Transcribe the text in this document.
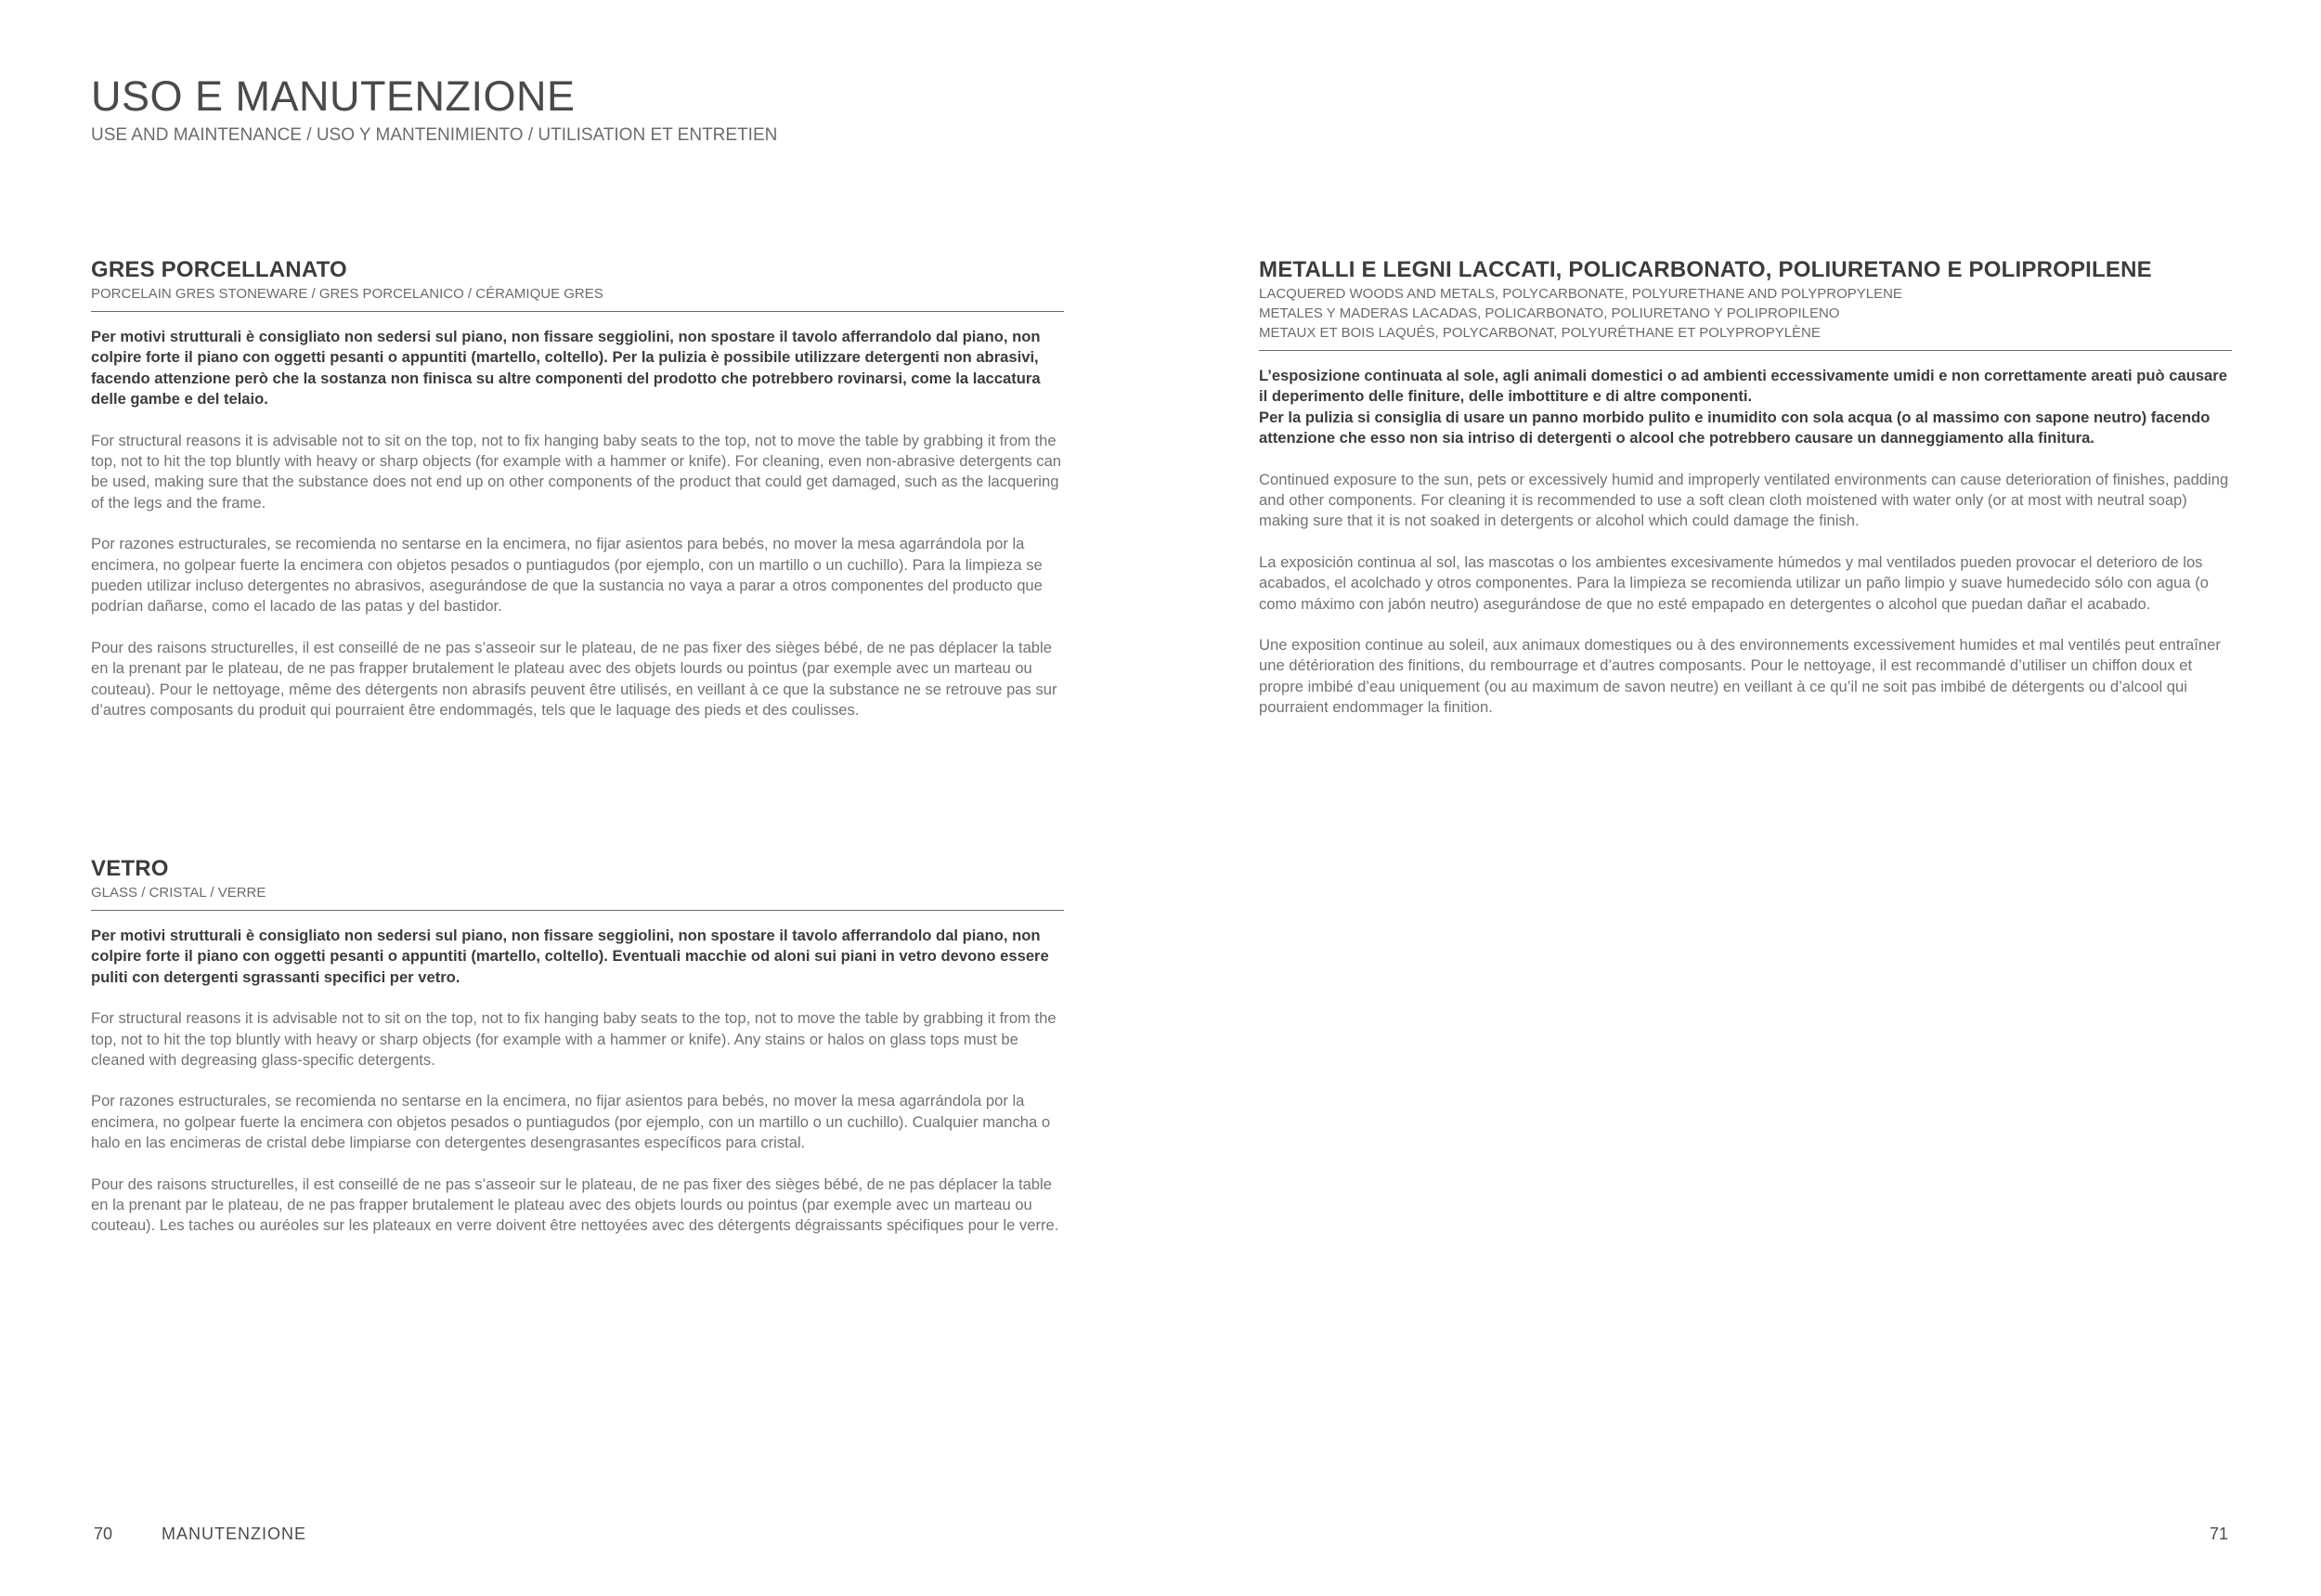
USO E MANUTENZIONE
USE AND MAINTENANCE / USO Y MANTENIMIENTO / UTILISATION ET ENTRETIEN
GRES PORCELLANATO
PORCELAIN GRES STONEWARE / GRES PORCELANICO / CÉRAMIQUE GRES

Per motivi strutturali è consigliato non sedersi sul piano, non fissare seggiolini, non spostare il tavolo afferrandolo dal piano, non colpire forte il piano con oggetti pesanti o appuntiti (martello, coltello). Per la pulizia è possibile utilizzare detergenti non abrasivi, facendo attenzione però che la sostanza non finisca su altre componenti del prodotto che potrebbero rovinarsi, come la laccatura delle gambe e del telaio.

For structural reasons it is advisable not to sit on the top, not to fix hanging baby seats to the top, not to move the table by grabbing it from the top, not to hit the top bluntly with heavy or sharp objects (for example with a hammer or knife). For cleaning, even non-abrasive detergents can be used, making sure that the substance does not end up on other components of the product that could get damaged, such as the lacquering of the legs and the frame.

Por razones estructurales, se recomienda no sentarse en la encimera, no fijar asientos para bebés, no mover la mesa agarrándola por la encimera, no golpear fuerte la encimera con objetos pesados o puntiagudos (por ejemplo, con un martillo o un cuchillo). Para la limpieza se pueden utilizar incluso detergentes no abrasivos, asegurándose de que la sustancia no vaya a parar a otros componentes del producto que podrían dañarse, como el lacado de las patas y del bastidor.

Pour des raisons structurelles, il est conseillé de ne pas s’asseoir sur le plateau, de ne pas fixer des sièges bébé, de ne pas déplacer la table en la prenant par le plateau, de ne pas frapper brutalement le plateau avec des objets lourds ou pointus (par exemple avec un marteau ou couteau). Pour le nettoyage, même des détergents non abrasifs peuvent être utilisés, en veillant à ce que la substance ne se retrouve pas sur d’autres composants du produit qui pourraient être endommagés, tels que le laquage des pieds et des coulisses.

VETRO
GLASS / CRISTAL / VERRE

Per motivi strutturali è consigliato non sedersi sul piano, non fissare seggiolini, non spostare il tavolo afferrandolo dal piano, non colpire forte il piano con oggetti pesanti o appuntiti (martello, coltello). Eventuali macchie od aloni sui piani in vetro devono essere puliti con detergenti sgrassanti specifici per vetro.

For structural reasons it is advisable not to sit on the top, not to fix hanging baby seats to the top, not to move the table by grabbing it from the top, not to hit the top bluntly with heavy or sharp objects (for example with a hammer or knife). Any stains or halos on glass tops must be cleaned with degreasing glass-specific detergents.

Por razones estructurales, se recomienda no sentarse en la encimera, no fijar asientos para bebés, no mover la mesa agarrándola por la encimera, no golpear fuerte la encimera con objetos pesados o puntiagudos (por ejemplo, con un martillo o un cuchillo). Cualquier mancha o halo en las encimeras de cristal debe limpiarse con detergentes desengrasantes específicos para cristal.

Pour des raisons structurelles, il est conseillé de ne pas s’asseoir sur le plateau, de ne pas fixer des sièges bébé, de ne pas déplacer la table en la prenant par le plateau, de ne pas frapper brutalement le plateau avec des objets lourds ou pointus (par exemple avec un marteau ou couteau). Les taches ou auréoles sur les plateaux en verre doivent être nettoyées avec des détergents dégraissants spécifiques pour le verre.

METALLI E LEGNI LACCATI, POLICARBONATO, POLIURETANO E POLIPROPILENE
LACQUERED WOODS AND METALS, POLYCARBONATE, POLYURETHANE AND POLYPROPYLENE
METALES Y MADERAS LACADAS, POLICARBONATO, POLIURETANO Y POLIPROPILENO
METAUX ET BOIS LAQUÉS, POLYCARBONAT, POLYURÉTHANE ET POLYPROPYLÈNE

L’esposizione continuata al sole, agli animali domestici o ad ambienti eccessivamente umidi e non correttamente areati può causare il deperimento delle finiture, delle imbottiture e di altre componenti.

Per la pulizia si consiglia di usare un panno morbido pulito e inumidito con sola acqua (o al massimo con sapone neutro) facendo attenzione che esso non sia intriso di detergenti o alcool che potrebbero causare un danneggiamento alla finitura.

Continued exposure to the sun, pets or excessively humid and improperly ventilated environments can cause deterioration of finishes, padding and other components. For cleaning it is recommended to use a soft clean cloth moistened with water only (or at most with neutral soap) making sure that it is not soaked in detergents or alcohol which could damage the finish.

La exposición continua al sol, las mascotas o los ambientes excesivamente húmedos y mal ventilados pueden provocar el deterioro de los acabados, el acolchado y otros componentes. Para la limpieza se recomienda utilizar un paño limpio y suave humedecido sólo con agua (o como máximo con jabón neutro) asegurándose de que no esté empapado en detergentes o alcohol que puedan dañar el acabado.

Une exposition continue au soleil, aux animaux domestiques ou à des environnements excessivement humides et mal ventilés peut entraîner une détérioration des finitions, du rembourrage et d’autres composants. Pour le nettoyage, il est recommandé d’utiliser un chiffon doux et propre imbibé d’eau uniquement (ou au maximum de savon neutre) en veillant à ce qu’il ne soit pas imbibé de détergents ou d’alcool qui pourraient endommager la finition.

70	MANUTENZIONE	71
